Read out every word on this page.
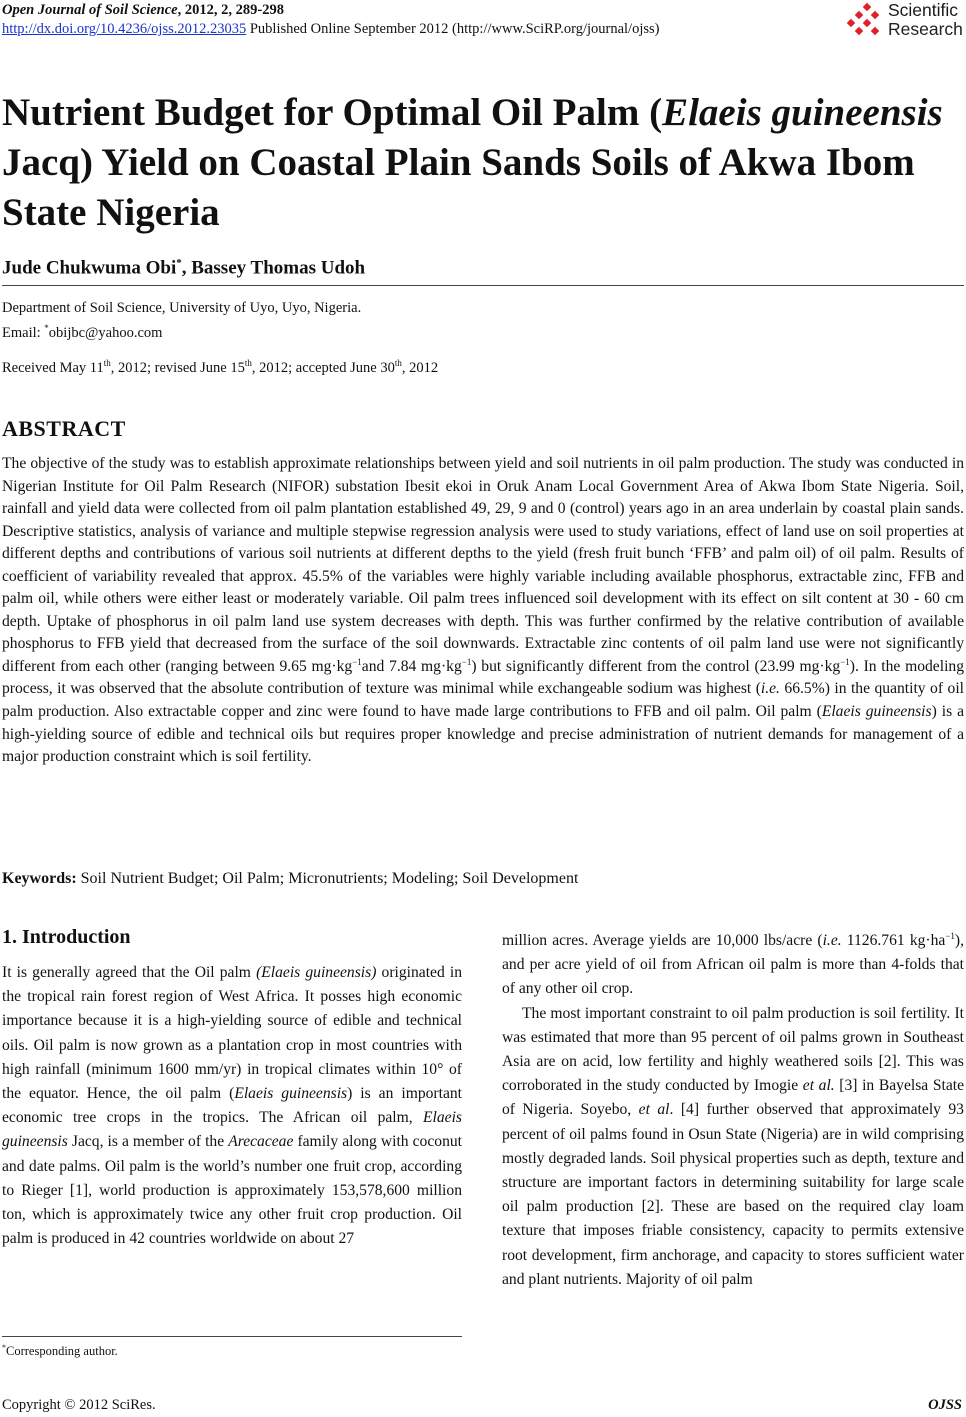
Open Journal of Soil Science, 2012, 2, 289-298
http://dx.doi.org/10.4236/ojss.2012.23035 Published Online September 2012 (http://www.SciRP.org/journal/ojss)
Scientific
Research
Nutrient Budget for Optimal Oil Palm (Elaeis guineensis Jacq) Yield on Coastal Plain Sands Soils of Akwa Ibom State Nigeria
Jude Chukwuma Obi*, Bassey Thomas Udoh
Department of Soil Science, University of Uyo, Uyo, Nigeria.
Email: *obijbc@yahoo.com
Received May 11th, 2012; revised June 15th, 2012; accepted June 30th, 2012
ABSTRACT

The objective of the study was to establish approximate relationships between yield and soil nutrients in oil palm production. The study was conducted in Nigerian Institute for Oil Palm Research (NIFOR) substation Ibesit ekoi in Oruk Anam Local Government Area of Akwa Ibom State Nigeria. Soil, rainfall and yield data were collected from oil palm plantation established 49, 29, 9 and 0 (control) years ago in an area underlain by coastal plain sands. Descriptive statistics, analysis of variance and multiple stepwise regression analysis were used to study variations, effect of land use on soil properties at different depths and contributions of various soil nutrients at different depths to the yield (fresh fruit bunch ‘FFB’ and palm oil) of oil palm. Results of coefficient of variability revealed that approx. 45.5% of the variables were highly variable including available phosphorus, extractable zinc, FFB and palm oil, while others were either least or moderately variable. Oil palm trees influenced soil development with its effect on silt content at 30 - 60 cm depth. Uptake of phosphorus in oil palm land use system decreases with depth. This was further confirmed by the relative contribution of available phosphorus to FFB yield that decreased from the surface of the soil downwards. Extractable zinc contents of oil palm land use were not significantly different from each other (ranging between 9.65 $mg\cdot kg^{-1}and$ 7.84 $mg\cdot kg^{-1}$) but significantly different from the control (23.99 $mg\cdot kg^{-1}$). In the modeling process, it was observed that the absolute contribution of texture was minimal while exchangeable sodium was highest (i.e. 66.5%) in the quantity of oil palm production. Also extractable copper and zinc were found to have made large contributions to FFB and oil palm. Oil palm (Elaeis guineensis) is a high-yielding source of edible and technical oils but requires proper knowledge and precise administration of nutrient demands for management of a major production constraint which is soil fertility.

Keywords: Soil Nutrient Budget; Oil Palm; Micronutrients; Modeling; Soil Development
1. Introduction

It is generally agreed that the Oil palm (Elaeis guineensis) originated in the tropical rain forest region of West Africa. It posses high economic importance because it is a high-yielding source of edible and technical oils. Oil palm is now grown as a plantation crop in most countries with high rainfall (minimum 1600 mm/yr) in tropical climates within 10° of the equator. Hence, the oil palm (Elaeis guineensis) is an important economic tree crops in the tropics. The African oil palm, Elaeis guineensis Jacq, is a member of the Arecaceae family along with coconut and date palms. Oil palm is the world’s number one fruit crop, according to Rieger [1], world production is approximately 153,578,600 million ton, which is approximately twice any other fruit crop production. Oil palm is produced in 42 countries worldwide on about 27

million acres. Average yields are 10,000 lbs/acre (i.e. 1126.761 $kg\cdot ha^{-1}$), and per acre yield of oil from African oil palm is more than 4-folds that of any other oil crop.

The most important constraint to oil palm production is soil fertility. It was estimated that more than 95 percent of oil palms grown in Southeast Asia are on acid, low fertility and highly weathered soils [2]. This was corroborated in the study conducted by Imogie et al. [3] in Bayelsa State of Nigeria. Soyebo, et al. [4] further observed that approximately 93 percent of oil palms found in Osun State (Nigeria) are in wild comprising mostly degraded lands. Soil physical properties such as depth, texture and structure are important factors in determining suitability for large scale oil palm production [2]. These are based on the required clay loam texture that imposes friable consistency, capacity to permits extensive root development, firm anchorage, and capacity to stores sufficient water and plant nutrients. Majority of oil palm

*Corresponding author.
Copyright © 2012 SciRes.	OJSS
